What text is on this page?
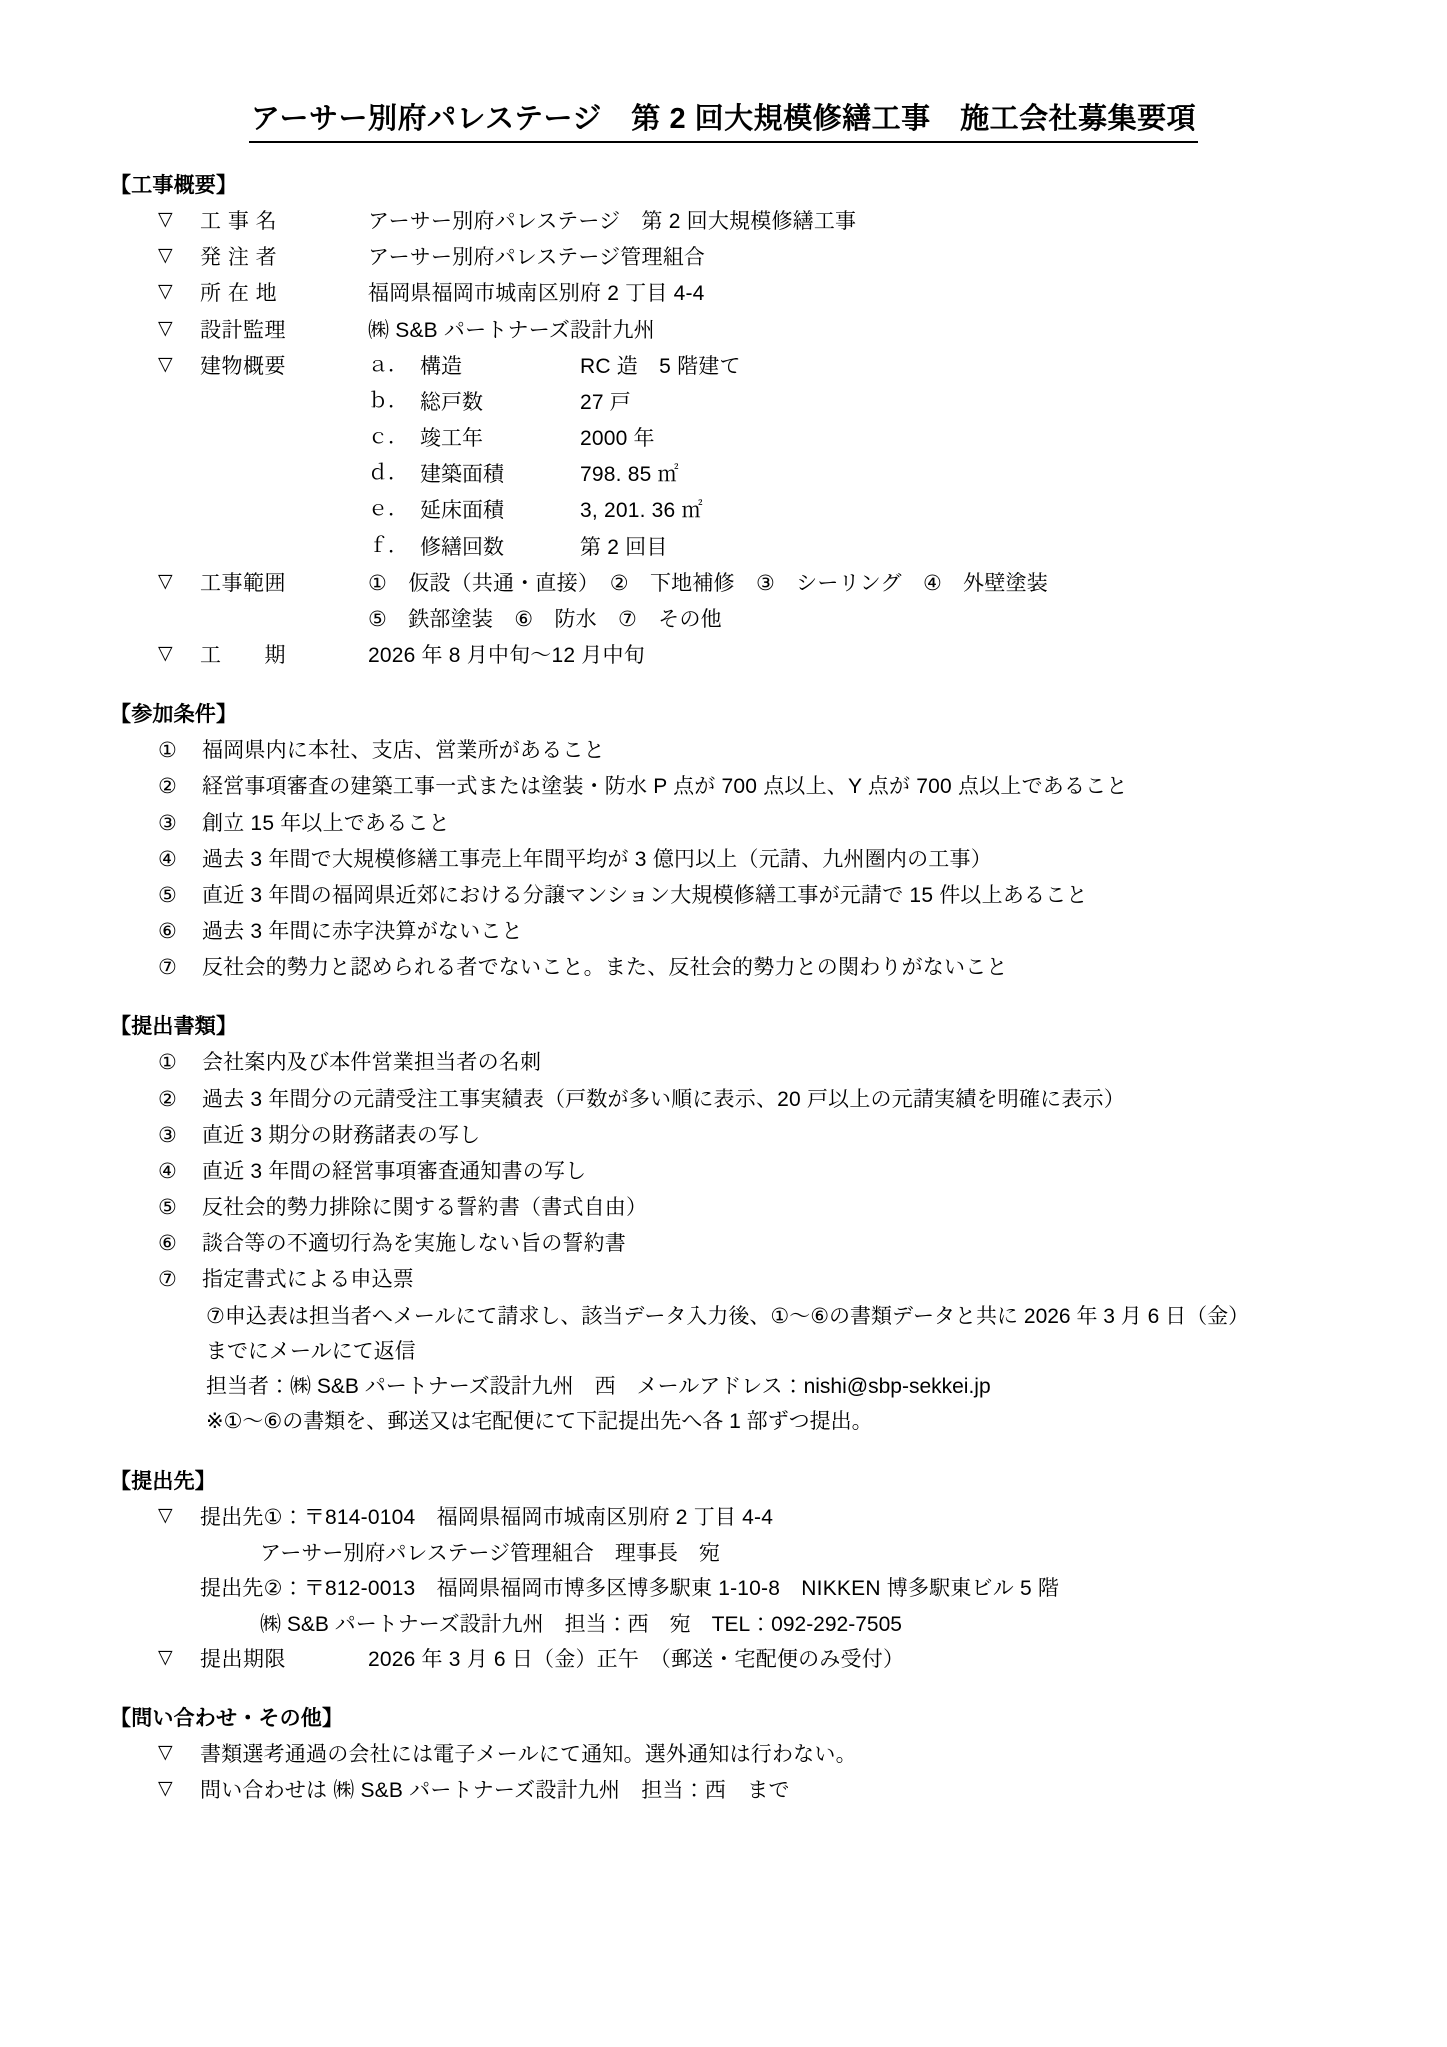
アーサー別府パレステージ　第 2 回大規模修繕工事　施工会社募集要項
【工事概要】
▽	工 事 名	アーサー別府パレステージ　第 2 回大規模修繕工事
▽	発 注 者	アーサー別府パレステージ管理組合
▽	所 在 地	福岡県福岡市城南区別府 2 丁目 4-4
▽	設計監理	㈱ S&B パートナーズ設計九州
▽	建物概要	ａ． 構造	RC 造　5 階建て
ｂ． 総戸数	27 戸
ｃ． 竣工年	2000 年
ｄ． 建築面積	798. 85 ㎡
ｅ． 延床面積	3, 201. 36 ㎡
ｆ． 修繕回数	第 2 回目
▽	工事範囲	①　仮設（共通・直接）　②　下地補修　③　シーリング　④　外壁塗装
⑤　鉄部塗装　⑥　防水　⑦　その他
▽	工　　期	2026 年 8 月中旬～12 月中旬
【参加条件】
①	福岡県内に本社、支店、営業所があること
②	経営事項審査の建築工事一式または塗装・防水 P 点が 700 点以上、Y 点が 700 点以上であること
③	創立 15 年以上であること
④	過去 3 年間で大規模修繕工事売上年間平均が 3 億円以上（元請、九州圏内の工事）
⑤	直近 3 年間の福岡県近郊における分譲マンション大規模修繕工事が元請で 15 件以上あること
⑥	過去 3 年間に赤字決算がないこと
⑦	反社会的勢力と認められる者でないこと。また、反社会的勢力との関わりがないこと
【提出書類】
①	会社案内及び本件営業担当者の名刺
②	過去 3 年間分の元請受注工事実績表（戸数が多い順に表示、20 戸以上の元請実績を明確に表示）
③	直近 3 期分の財務諸表の写し
④	直近 3 年間の経営事項審査通知書の写し
⑤	反社会的勢力排除に関する誓約書（書式自由）
⑥	談合等の不適切行為を実施しない旨の誓約書
⑦	指定書式による申込票
⑦申込表は担当者へメールにて請求し、該当データ入力後、①～⑥の書類データと共に 2026 年 3 月 6 日（金）
までにメールにて返信
担当者：㈱ S&B パートナーズ設計九州　西　メールアドレス：nishi@sbp-sekkei.jp
※①～⑥の書類を、郵送又は宅配便にて下記提出先へ各 1 部ずつ提出。
【提出先】
▽	提出先①：〒814-0104　福岡県福岡市城南区別府 2 丁目 4-4
アーサー別府パレステージ管理組合　理事長　宛
提出先②：〒812-0013　福岡県福岡市博多区博多駅東 1-10-8　NIKKEN 博多駅東ビル 5 階
㈱ S&B パートナーズ設計九州　担当：西　宛　TEL：092-292-7505
▽	提出期限	2026 年 3 月 6 日（金）正午　（郵送・宅配便のみ受付）
【問い合わせ・その他】
▽	書類選考通過の会社には電子メールにて通知。選外通知は行わない。
▽	問い合わせは ㈱ S&B パートナーズ設計九州　担当：西　まで
